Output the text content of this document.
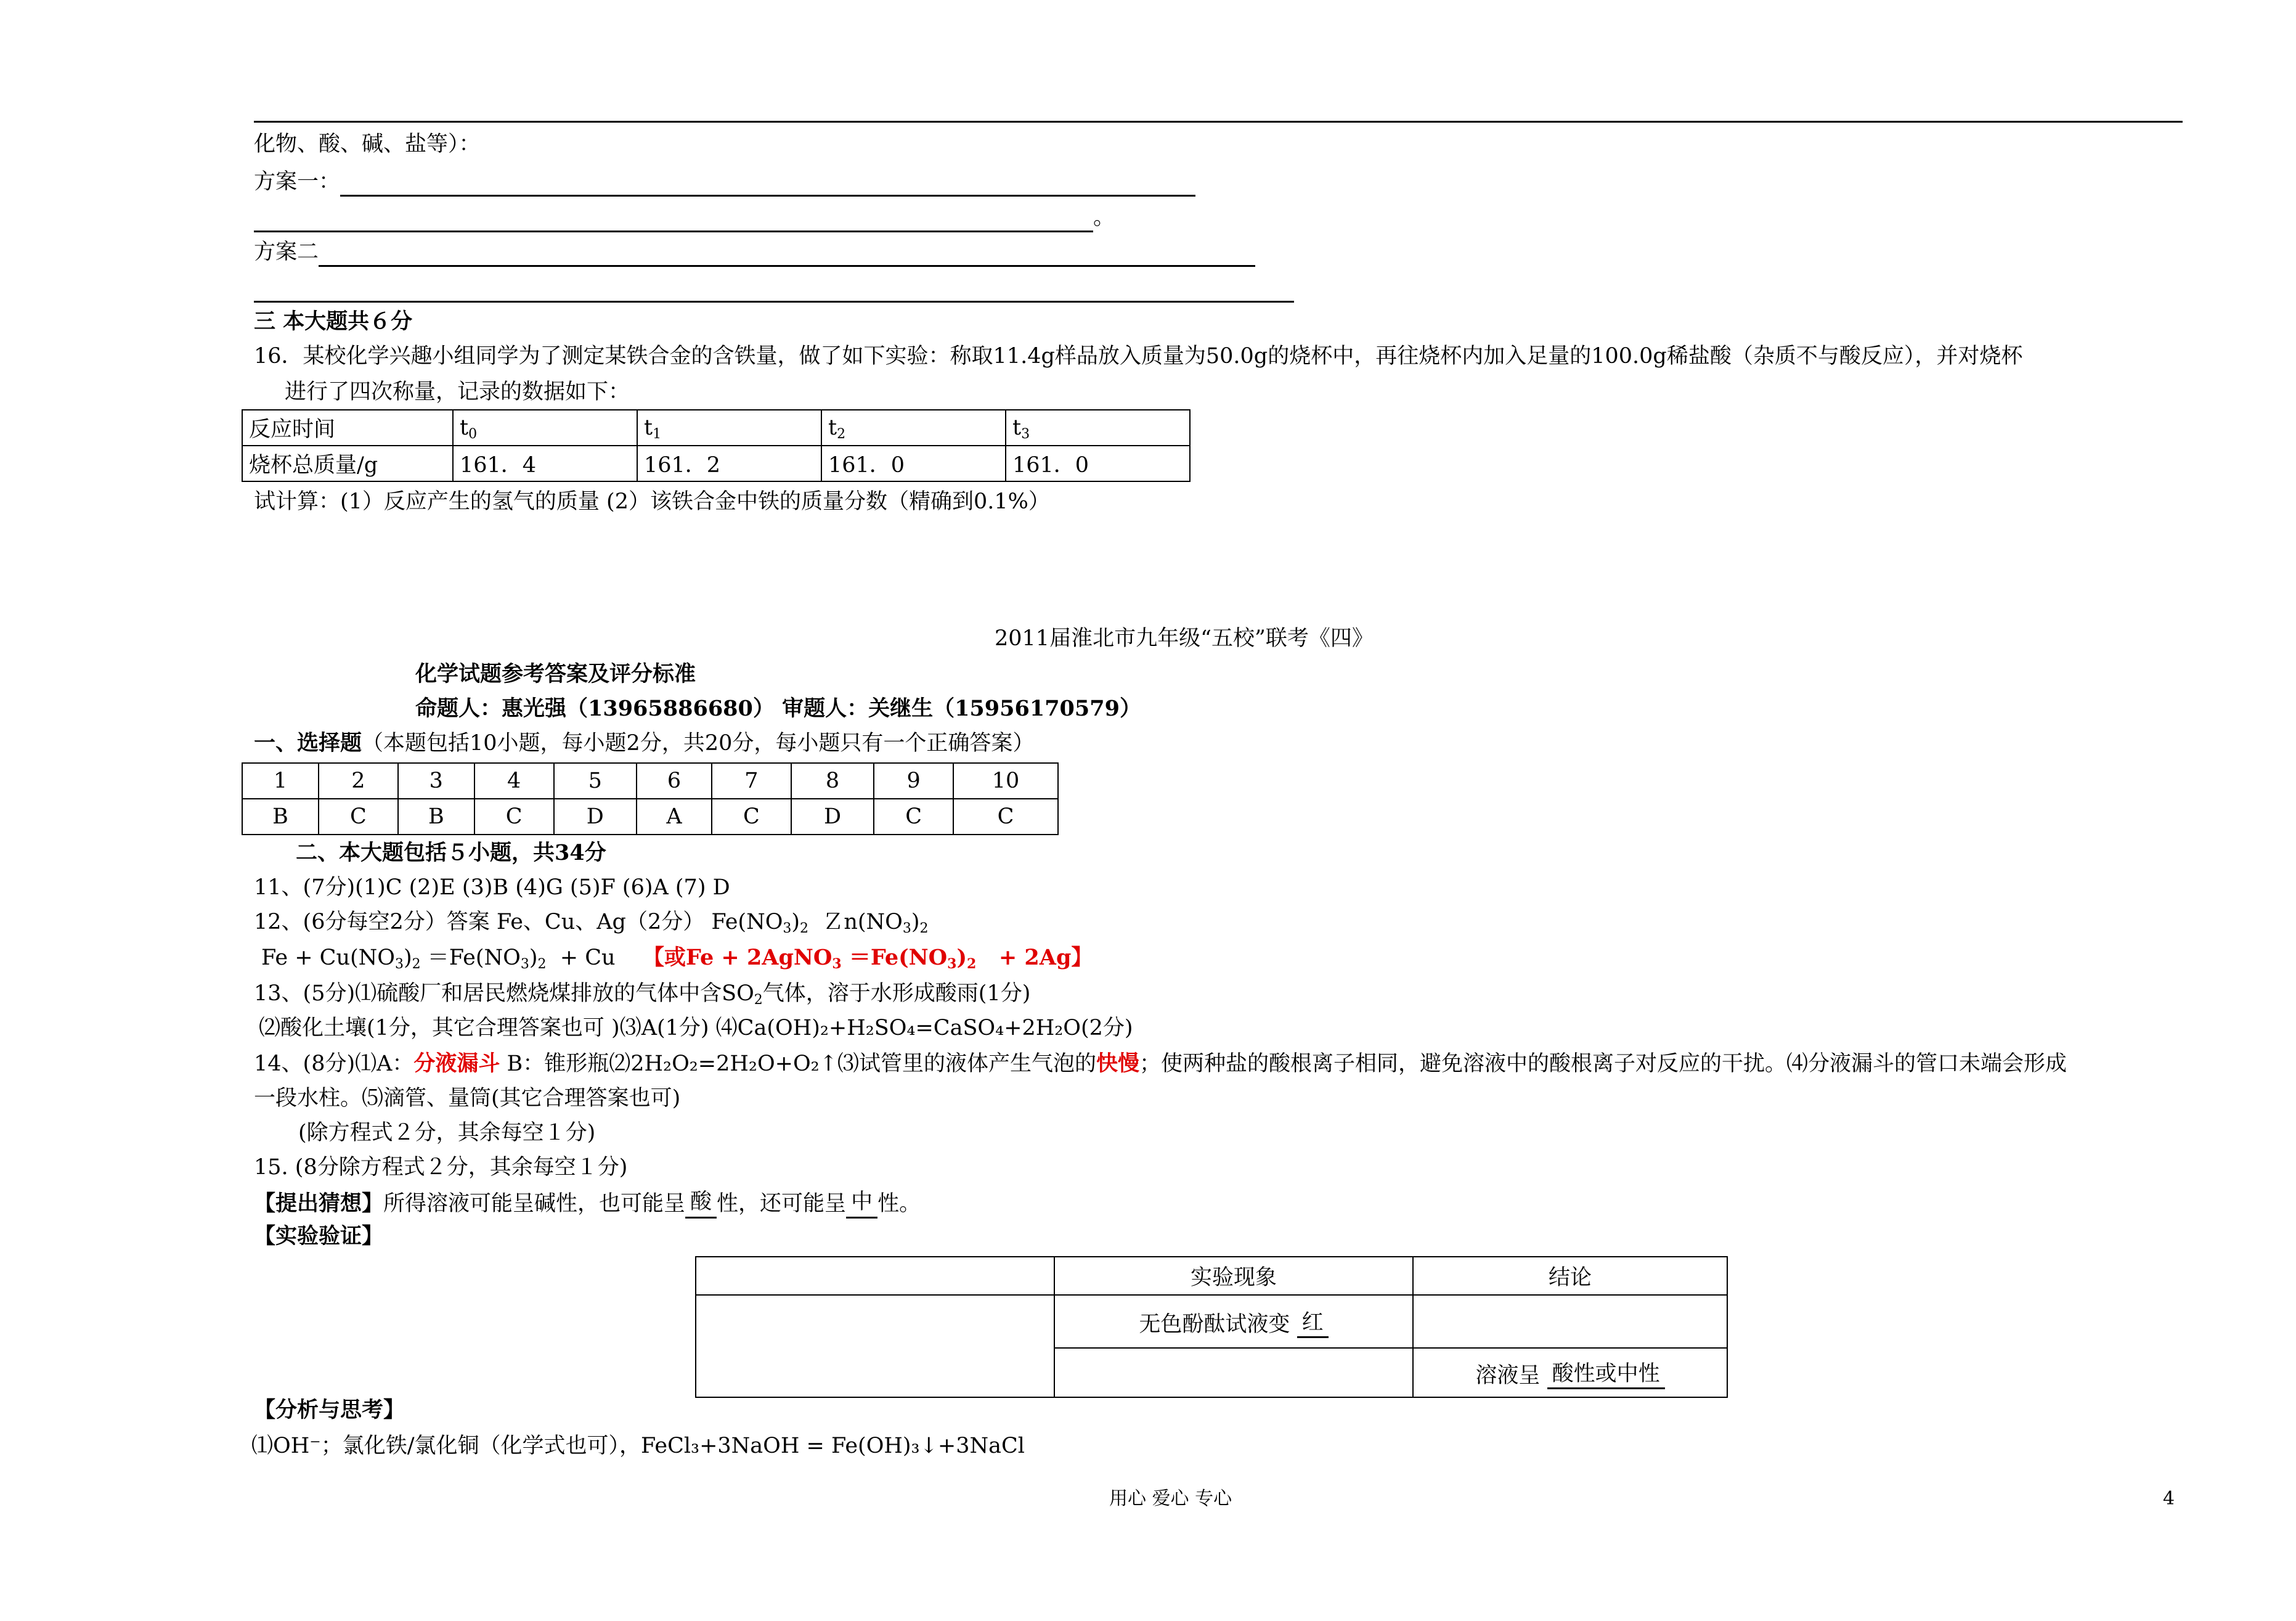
化物、酸、碱、盐等）：
方案一：
。
方案二

三 本大题共６分
16．某校化学兴趣小组同学为了测定某铁合金的含铁量，做了如下实验：称取11.4g样品放入质量为50.0g的烧杯中，再往烧杯内加入足量的100.0g稀盐酸（杂质不与酸反应），并对烧杯
进行了四次称量，记录的数据如下：
反应时间	$t_0$	$t_1$	$t_2$	$t_3$
烧杯总质量/g	161．4	161．2	161．0	161．0
试计算：(1）反应产生的氢气的质量 (2）该铁合金中铁的质量分数（精确到0.1%）
2011届淮北市九年级“五校”联考《四》
化学试题参考答案及评分标准
命题人：惠光强（13965886680） 审题人：关继生（15956170579）
一、选择题（本题包括10小题，每小题2分，共20分，每小题只有一个正确答案）
1	2	3	4	5	6	7	8	9	10
B	C	B	C	D	A	C	D	C	C
二、本大题包括５小题，共34分
11、(7分)(1)C (2)E (3)B (4)G (5)F (6)A (7) D
12、(6分每空2分）答案 Fe、Cu、Ag（2分） $Fe(NO_3)_2$ $Zn(NO_3)_2$
$Fe + Cu(NO_3)_2 =Fe(NO_3)_2 + Cu$ 【或Fe + 2AgNO$_3$ $=Fe(NO_3)_2 + 2Ag$】
13、(5分)⑴硫酸厂和居民燃烧煤排放的气体中含$SO_2$气体，溶于水形成酸雨(1分)
⑵酸化土壤(1分，其它合理答案也可 )⑶A(1分) ⑷Ca(OH)₂+H₂SO₄=CaSO₄+2H₂O(2分)
14、(8分)⑴A：分液漏斗 B：锥形瓶⑵2H₂O₂=2H₂O+O₂↑⑶试管里的液体产生气泡的快慢；使两种盐的酸根离子相同，避免溶液中的酸根离子对反应的干扰。⑷分液漏斗的管口未端会形成
一段水柱。⑸滴管、量筒(其它合理答案也可)
(除方程式２分，其余每空１分)
15. (8分除方程式２分，其余每空１分)
【提出猜想】所得溶液可能呈碱性，也可能呈 酸 性，还可能呈 中 性。
【实验验证】
	实验现象	结论
	无色酚酞试液变 红	
		溶液呈 酸性或中性
【分析与思考】
⑴OH⁻；氯化铁/氯化铜（化学式也可），FeCl₃+3NaOH = Fe(OH)₃↓+3NaCl
用心 爱心 专心	4
